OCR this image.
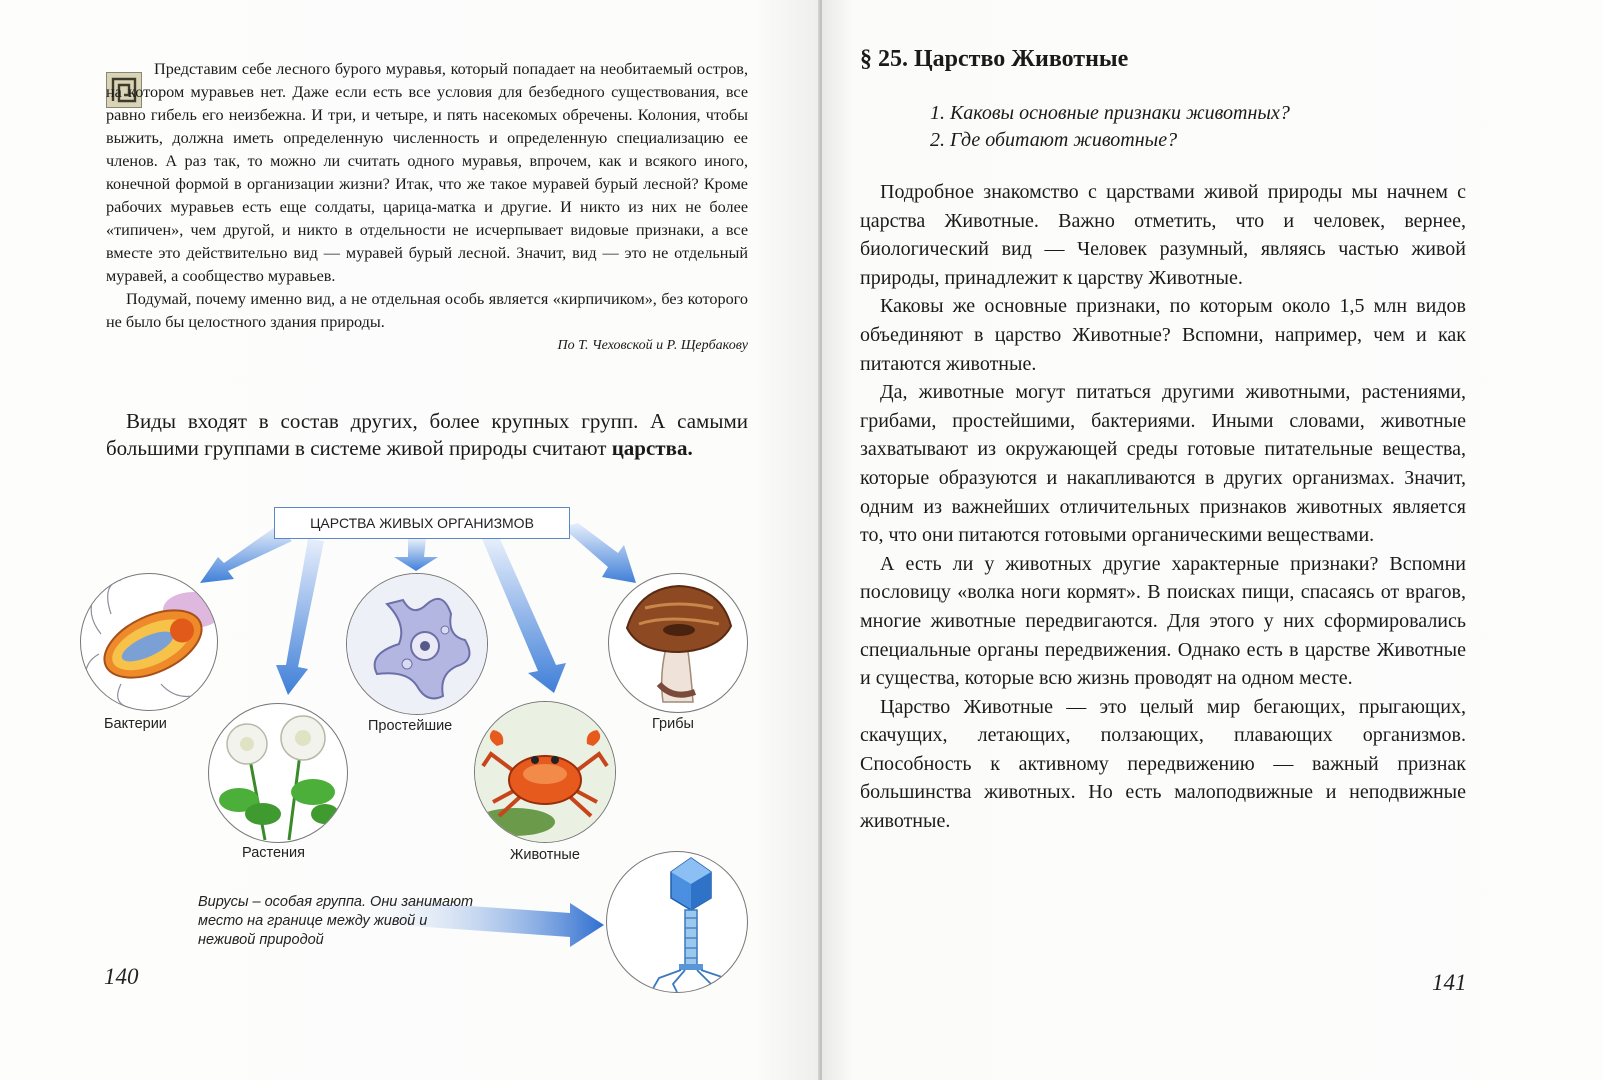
Представим себе лесного бурого муравья, который попадает на необитаемый остров, на котором муравьев нет. Даже если есть все условия для безбедного существования, все равно гибель его неизбежна. И три, и четыре, и пять насекомых обречены. Колония, чтобы выжить, должна иметь определенную численность и определенную специализацию ее членов. А раз так, то можно ли считать одного муравья, впрочем, как и всякого иного, конечной формой в организации жизни? Итак, что же такое муравей бурый лесной? Кроме рабочих муравьев есть еще солдаты, царица-матка и другие. И никто из них не более «типичен», чем другой, и никто в отдельности не исчерпывает видовые признаки, а все вместе это действительно вид — муравей бурый лесной. Значит, вид — это не отдельный муравей, а сообщество муравьев.

Подумай, почему именно вид, а не отдельная особь является «кирпичиком», без которого не было бы целостного здания природы.

По Т. Чеховской и Р. Щербакову

Виды входят в состав других, более крупных групп. А самыми большими группами в системе живой природы считают царства.

ЦАРСТВА ЖИВЫХ ОРГАНИЗМОВ
Бактерии	Простейшие	Грибы
Растения	Животные
Вирусы – особая группа. Они занимают место на границе между живой и неживой природой
140
§ 25. Царство Животные
1. Каковы основные признаки животных?
2. Где обитают животные?

Подробное знакомство с царствами живой природы мы начнем с царства Животные. Важно отметить, что и человек, вернее, биологический вид — Человек разумный, являясь частью живой природы, принадлежит к царству Животные.

Каковы же основные признаки, по которым около 1,5 млн видов объединяют в царство Животные? Вспомни, например, чем и как питаются животные.

Да, животные могут питаться другими животными, растениями, грибами, простейшими, бактериями. Иными словами, животные захватывают из окружающей среды готовые питательные вещества, которые образуются и накапливаются в других организмах. Значит, одним из важнейших отличительных признаков животных является то, что они питаются готовыми органическими веществами.

А есть ли у животных другие характерные признаки? Вспомни пословицу «волка ноги кормят». В поисках пищи, спасаясь от врагов, многие животные передвигаются. Для этого у них сформировались специальные органы передвижения. Однако есть в царстве Животные и существа, которые всю жизнь проводят на одном месте.

Царство Животные — это целый мир бегающих, прыгающих, скачущих, летающих, ползающих, плавающих организмов. Способность к активному передвижению — важный признак большинства животных. Но есть малоподвижные и неподвижные животные.

141
